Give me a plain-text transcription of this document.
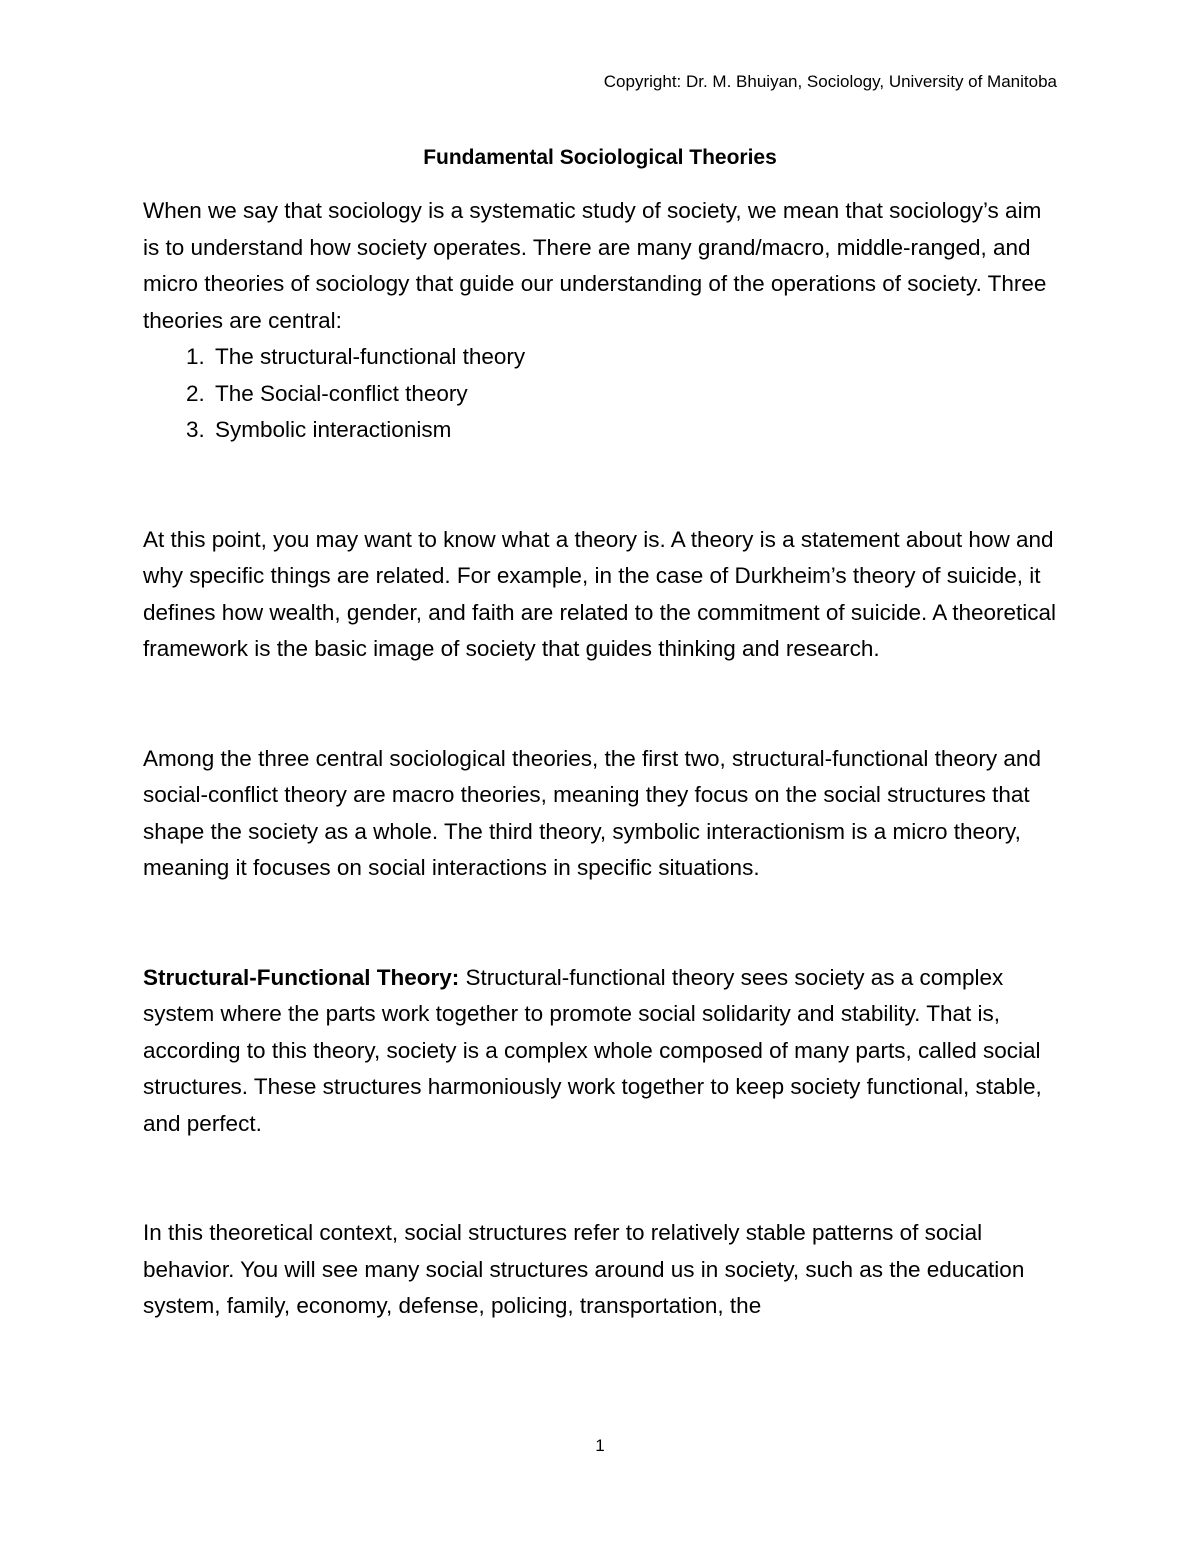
Copyright: Dr. M. Bhuiyan, Sociology, University of Manitoba
Fundamental Sociological Theories

When we say that sociology is a systematic study of society, we mean that sociology’s aim is to understand how society operates. There are many grand/macro, middle-ranged, and micro theories of sociology that guide our understanding of the operations of society. Three theories are central:

1. The structural-functional theory
2. The Social-conflict theory
3. Symbolic interactionism

At this point, you may want to know what a theory is. A theory is a statement about how and why specific things are related. For example, in the case of Durkheim’s theory of suicide, it defines how wealth, gender, and faith are related to the commitment of suicide. A theoretical framework is the basic image of society that guides thinking and research.

Among the three central sociological theories, the first two, structural-functional theory and social-conflict theory are macro theories, meaning they focus on the social structures that shape the society as a whole. The third theory, symbolic interactionism is a micro theory, meaning it focuses on social interactions in specific situations.

Structural-Functional Theory: Structural-functional theory sees society as a complex system where the parts work together to promote social solidarity and stability. That is, according to this theory, society is a complex whole composed of many parts, called social structures. These structures harmoniously work together to keep society functional, stable, and perfect.

In this theoretical context, social structures refer to relatively stable patterns of social behavior. You will see many social structures around us in society, such as the education system, family, economy, defense, policing, transportation, the

1
